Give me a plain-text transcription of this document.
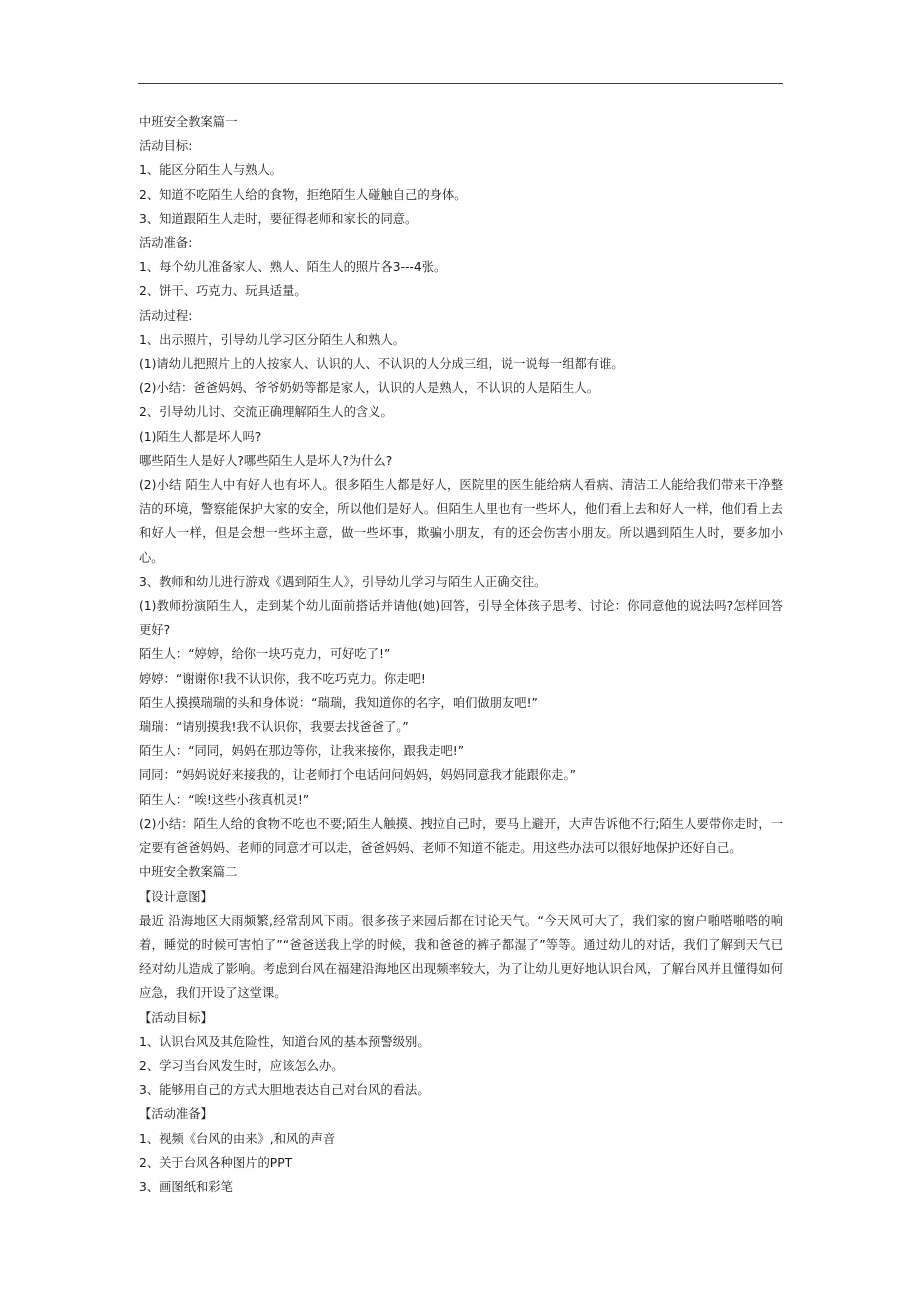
中班安全教案篇一
活动目标:
1、能区分陌生人与熟人。
2、知道不吃陌生人给的食物，拒绝陌生人碰触自己的身体。
3、知道跟陌生人走时，要征得老师和家长的同意。
活动准备:
1、每个幼儿准备家人、熟人、陌生人的照片各3---4张。
2、饼干、巧克力、玩具适量。
活动过程:
1、出示照片，引导幼儿学习区分陌生人和熟人。
(1)请幼儿把照片上的人按家人、认识的人、不认识的人分成三组，说一说每一组都有谁。
(2)小结：爸爸妈妈、爷爷奶奶等都是家人，认识的人是熟人，不认识的人是陌生人。
2、引导幼儿讨、交流正确理解陌生人的含义。
(1)陌生人都是坏人吗?
哪些陌生人是好人?哪些陌生人是坏人?为什么?
(2)小结 陌生人中有好人也有坏人。很多陌生人都是好人，医院里的医生能给病人看病、清洁工人能给我们带来干净整洁的环境，警察能保护大家的安全，所以他们是好人。但陌生人里也有一些坏人，他们看上去和好人一样，他们看上去和好人一样，但是会想一些坏主意，做一些坏事，欺骗小朋友，有的还会伤害小朋友。所以遇到陌生人时，要多加小心。
3、教师和幼儿进行游戏《遇到陌生人》，引导幼儿学习与陌生人正确交往。
(1)教师扮演陌生人，走到某个幼儿面前搭话并请他(她)回答，引导全体孩子思考、讨论：你同意他的说法吗?怎样回答更好?
陌生人：“婷婷，给你一块巧克力，可好吃了!”
婷婷：“谢谢你!我不认识你，我不吃巧克力。你走吧!
陌生人摸摸瑞瑞的头和身体说：“瑞瑞，我知道你的名字，咱们做朋友吧!”
瑞瑞：“请别摸我!我不认识你，我要去找爸爸了。”
陌生人：“同同，妈妈在那边等你，让我来接你，跟我走吧!”
同同：“妈妈说好来接我的，让老师打个电话问问妈妈，妈妈同意我才能跟你走。”
陌生人：“唉!这些小孩真机灵!”
(2)小结：陌生人给的食物不吃也不要;陌生人触摸、拽拉自己时，要马上避开，大声告诉他不行;陌生人要带你走时，一定要有爸爸妈妈、老师的同意才可以走，爸爸妈妈、老师不知道不能走。用这些办法可以很好地保护还好自己。
中班安全教案篇二
【设计意图】
最近 沿海地区大雨频繁,经常刮风下雨。很多孩子来园后都在讨论天气。“今天风可大了，我们家的窗户啪嗒啪嗒的响着，睡觉的时候可害怕了”“爸爸送我上学的时候，我和爸爸的裤子都湿了”等等。通过幼儿的对话，我们了解到天气已经对幼儿造成了影响。考虑到台风在福建沿海地区出现频率较大，为了让幼儿更好地认识台风，了解台风并且懂得如何应急，我们开设了这堂课。
【活动目标】
1、认识台风及其危险性，知道台风的基本预警级别。
2、学习当台风发生时，应该怎么办。
3、能够用自己的方式大胆地表达自己对台风的看法。
【活动准备】
1、视频《台风的由来》,和风的声音
2、关于台风各种图片的PPT
3、画图纸和彩笔
